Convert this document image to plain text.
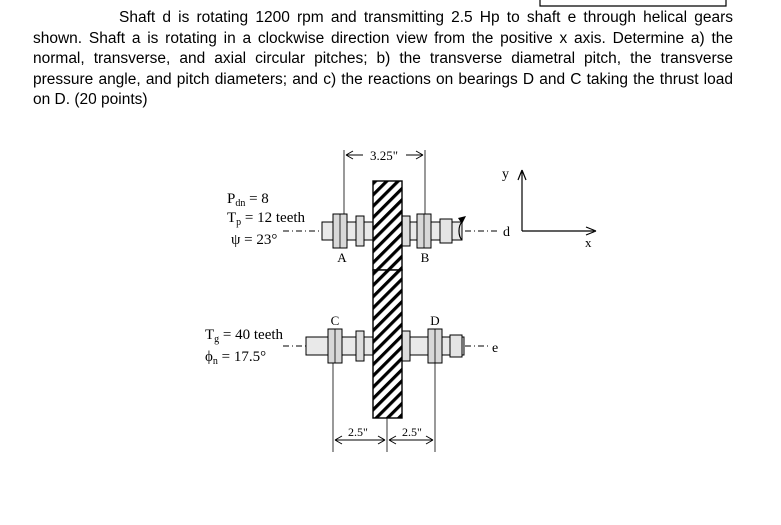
Shaft d is rotating 1200 rpm and transmitting 2.5 Hp to shaft e through helical gears shown. Shaft a is rotating in a clockwise direction view from the positive x axis. Determine a) the normal, transverse, and axial circular pitches; b) the transverse diametral pitch, the transverse pressure angle, and pitch diameters; and c) the reactions on bearings D and C taking the thrust load on D. (20 points)

3.25"
2.5"	2.5"
A	B
C	D
d
e
$P_{dn} = 8$
$T_p = 12$ teeth
ψ = 23°
$T_g = 40$ teeth
$\phi_n = 17.5^\circ$
y
x
